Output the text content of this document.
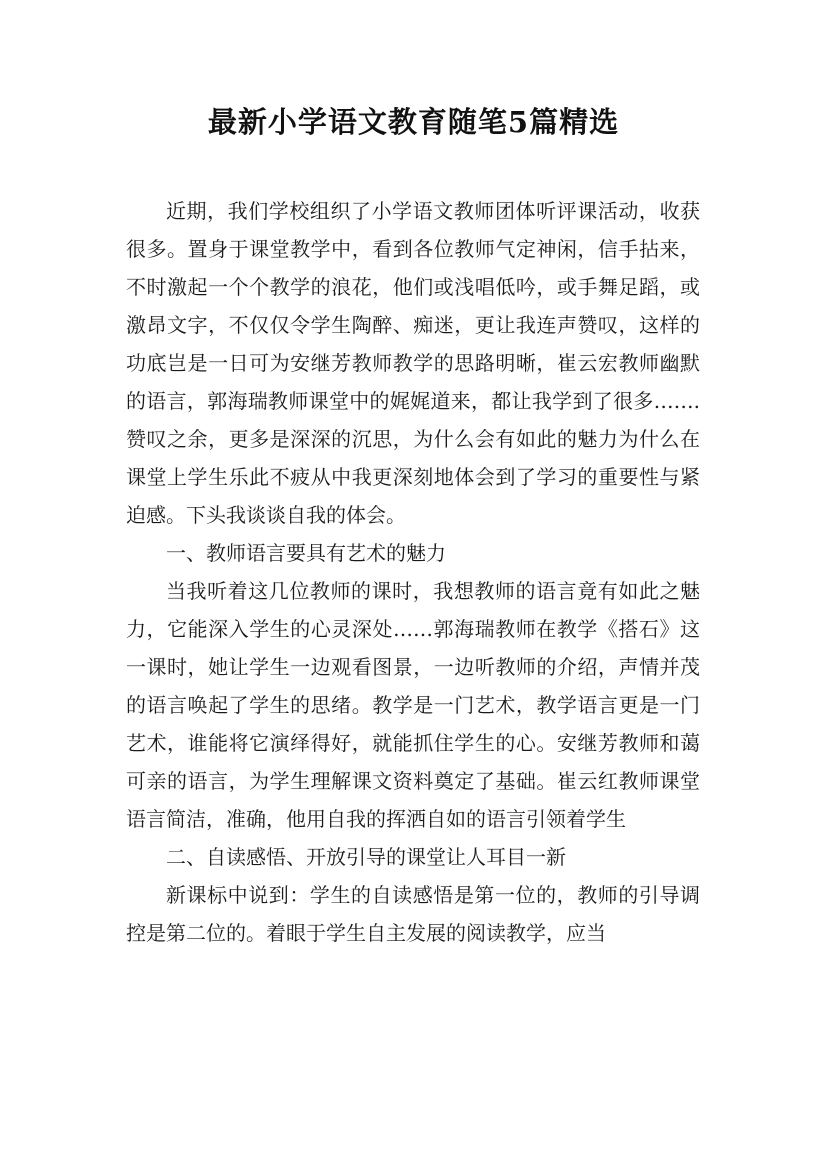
最新小学语文教育随笔5篇精选

近期，我们学校组织了小学语文教师团体听评课活动，收获很多。置身于课堂教学中，看到各位教师气定神闲，信手拈来，不时激起一个个教学的浪花，他们或浅唱低吟，或手舞足蹈，或激昂文字，不仅仅令学生陶醉、痴迷，更让我连声赞叹，这样的功底岂是一日可为安继芳教师教学的思路明晰，崔云宏教师幽默的语言，郭海瑞教师课堂中的娓娓道来，都让我学到了很多…….赞叹之余，更多是深深的沉思，为什么会有如此的魅力为什么在课堂上学生乐此不疲从中我更深刻地体会到了学习的重要性与紧迫感。下头我谈谈自我的体会。

一、教师语言要具有艺术的魅力

当我听着这几位教师的课时，我想教师的语言竟有如此之魅力，它能深入学生的心灵深处……郭海瑞教师在教学《搭石》这一课时，她让学生一边观看图景，一边听教师的介绍，声情并茂的语言唤起了学生的思绪。教学是一门艺术，教学语言更是一门艺术，谁能将它演绎得好，就能抓住学生的心。安继芳教师和蔼可亲的语言，为学生理解课文资料奠定了基础。崔云红教师课堂语言简洁，准确，他用自我的挥洒自如的语言引领着学生

二、自读感悟、开放引导的课堂让人耳目一新

新课标中说到：学生的自读感悟是第一位的，教师的引导调控是第二位的。着眼于学生自主发展的阅读教学，应当
